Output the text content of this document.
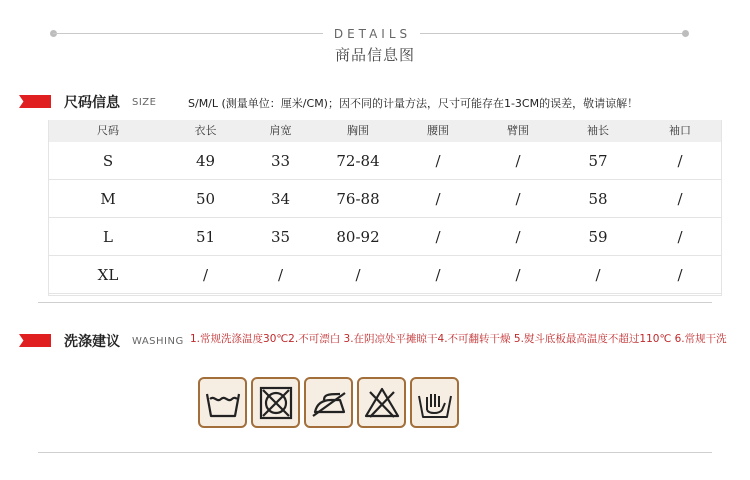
DETAILS
商品信息图
尺码信息 SIZE	S/M/L (测量单位：厘米/CM)；因不同的计量方法，尺寸可能存在1-3CM的误差，敬请谅解！
尺码	衣长	肩宽	胸围	腰围	臂围	袖长	袖口
S	49	33	72-84	/	/	57	/
M	50	34	76-88	/	/	58	/
L	51	35	80-92	/	/	59	/
XL	/	/	/	/	/	/	/
洗涤建议 WASHING 1.常规洗涤温度30℃2.不可漂白 3.在阴凉处平摊晾干4.不可翻转干燥 5.熨斗底板最高温度不超过110℃ 6.常规干洗
